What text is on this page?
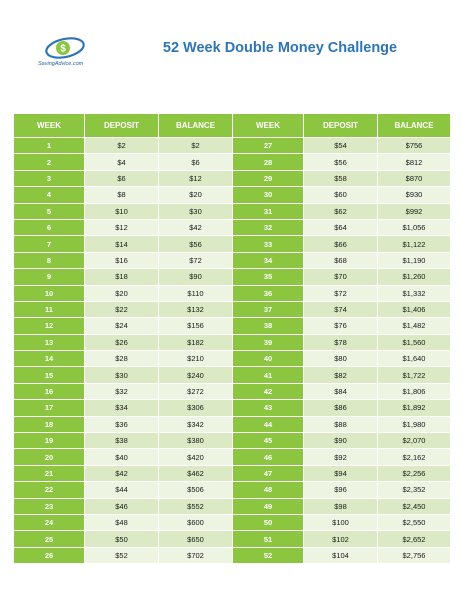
$
SavingAdvice.com
52 Week Double Money Challenge
WEEK	DEPOSIT	BALANCE	WEEK	DEPOSIT	BALANCE
1	$2	$2	27	$54	$756
2	$4	$6	28	$56	$812
3	$6	$12	29	$58	$870
4	$8	$20	30	$60	$930
5	$10	$30	31	$62	$992
6	$12	$42	32	$64	$1,056
7	$14	$56	33	$66	$1,122
8	$16	$72	34	$68	$1,190
9	$18	$90	35	$70	$1,260
10	$20	$110	36	$72	$1,332
11	$22	$132	37	$74	$1,406
12	$24	$156	38	$76	$1,482
13	$26	$182	39	$78	$1,560
14	$28	$210	40	$80	$1,640
15	$30	$240	41	$82	$1,722
16	$32	$272	42	$84	$1,806
17	$34	$306	43	$86	$1,892
18	$36	$342	44	$88	$1,980
19	$38	$380	45	$90	$2,070
20	$40	$420	46	$92	$2,162
21	$42	$462	47	$94	$2,256
22	$44	$506	48	$96	$2,352
23	$46	$552	49	$98	$2,450
24	$48	$600	50	$100	$2,550
25	$50	$650	51	$102	$2,652
26	$52	$702	52	$104	$2,756
